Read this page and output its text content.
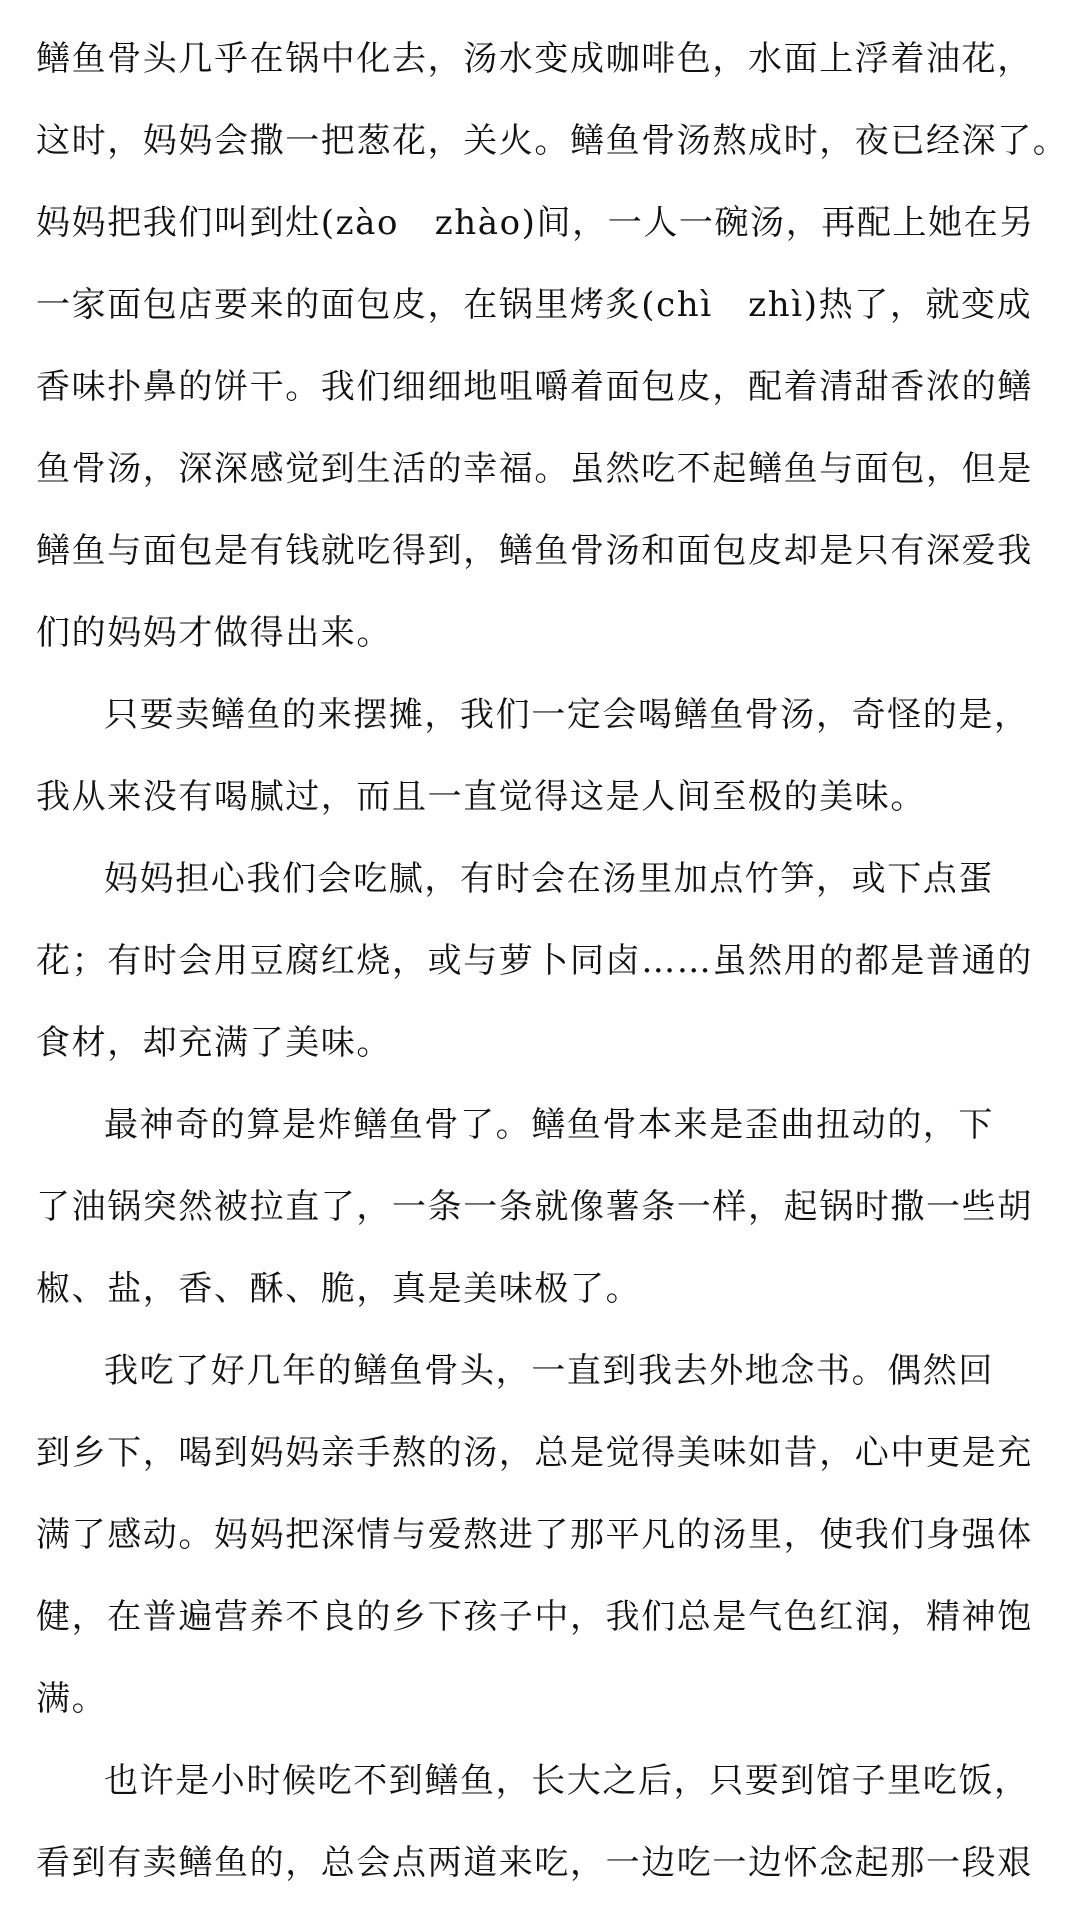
鳝鱼骨头几乎在锅中化去，汤水变成咖啡色，水面上浮着油花，
这时，妈妈会撒一把葱花，关火。鳝鱼骨汤熬成时，夜已经深了。
妈妈把我们叫到灶(zào　zhào)间，一人一碗汤，再配上她在另
一家面包店要来的面包皮，在锅里烤炙(chì　zhì)热了，就变成
香味扑鼻的饼干。我们细细地咀嚼着面包皮，配着清甜香浓的鳝
鱼骨汤，深深感觉到生活的幸福。虽然吃不起鳝鱼与面包，但是
鳝鱼与面包是有钱就吃得到，鳝鱼骨汤和面包皮却是只有深爱我
们的妈妈才做得出来。

只要卖鳝鱼的来摆摊，我们一定会喝鳝鱼骨汤，奇怪的是，
我从来没有喝腻过，而且一直觉得这是人间至极的美味。

妈妈担心我们会吃腻，有时会在汤里加点竹笋，或下点蛋
花；有时会用豆腐红烧，或与萝卜同卤……虽然用的都是普通的
食材，却充满了美味。

最神奇的算是炸鳝鱼骨了。鳝鱼骨本来是歪曲扭动的，下
了油锅突然被拉直了，一条一条就像薯条一样，起锅时撒一些胡
椒、盐，香、酥、脆，真是美味极了。

我吃了好几年的鳝鱼骨头，一直到我去外地念书。偶然回
到乡下，喝到妈妈亲手熬的汤，总是觉得美味如昔，心中更是充
满了感动。妈妈把深情与爱熬进了那平凡的汤里，使我们身强体
健，在普遍营养不良的乡下孩子中，我们总是气色红润，精神饱
满。

也许是小时候吃不到鳝鱼，长大之后，只要到馆子里吃饭，
看到有卖鳝鱼的，总会点两道来吃，一边吃一边怀念起那一段艰
